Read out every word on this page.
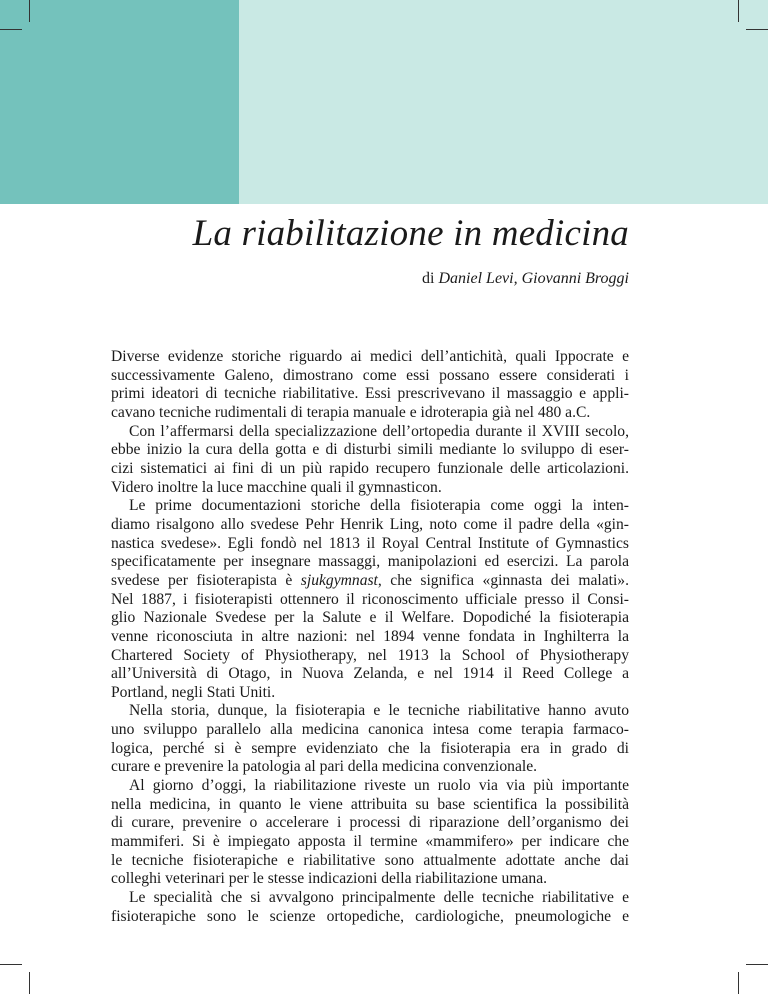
La riabilitazione in medicina
di Daniel Levi, Giovanni Broggi
Diverse evidenze storiche riguardo ai medici dell’antichità, quali Ippocrate e
successivamente Galeno, dimostrano come essi possano essere considerati i
primi ideatori di tecniche riabilitative. Essi prescrivevano il massaggio e appli-
cavano tecniche rudimentali di terapia manuale e idroterapia già nel 480 a.C.
Con l’affermarsi della specializzazione dell’ortopedia durante il XVIII secolo,
ebbe inizio la cura della gotta e di disturbi simili mediante lo sviluppo di eser-
cizi sistematici ai fini di un più rapido recupero funzionale delle articolazioni.
Videro inoltre la luce macchine quali il gymnasticon.
Le prime documentazioni storiche della fisioterapia come oggi la inten-
diamo risalgono allo svedese Pehr Henrik Ling, noto come il padre della «gin-
nastica svedese». Egli fondò nel 1813 il Royal Central Institute of Gymnastics
specificatamente per insegnare massaggi, manipolazioni ed esercizi. La parola
svedese per fisioterapista è sjukgymnast, che significa «ginnasta dei malati».
Nel 1887, i fisioterapisti ottennero il riconoscimento ufficiale presso il Consi-
glio Nazionale Svedese per la Salute e il Welfare. Dopodiché la fisioterapia
venne riconosciuta in altre nazioni: nel 1894 venne fondata in Inghilterra la
Chartered Society of Physiotherapy, nel 1913 la School of Physiotherapy
all’Università di Otago, in Nuova Zelanda, e nel 1914 il Reed College a
Portland, negli Stati Uniti.
Nella storia, dunque, la fisioterapia e le tecniche riabilitative hanno avuto
uno sviluppo parallelo alla medicina canonica intesa come terapia farmaco-
logica, perché si è sempre evidenziato che la fisioterapia era in grado di
curare e prevenire la patologia al pari della medicina convenzionale.
Al giorno d’oggi, la riabilitazione riveste un ruolo via via più importante
nella medicina, in quanto le viene attribuita su base scientifica la possibilità
di curare, prevenire o accelerare i processi di riparazione dell’organismo dei
mammiferi. Si è impiegato apposta il termine «mammifero» per indicare che
le tecniche fisioterapiche e riabilitative sono attualmente adottate anche dai
colleghi veterinari per le stesse indicazioni della riabilitazione umana.
Le specialità che si avvalgono principalmente delle tecniche riabilitative e
fisioterapiche sono le scienze ortopediche, cardiologiche, pneumologiche e
